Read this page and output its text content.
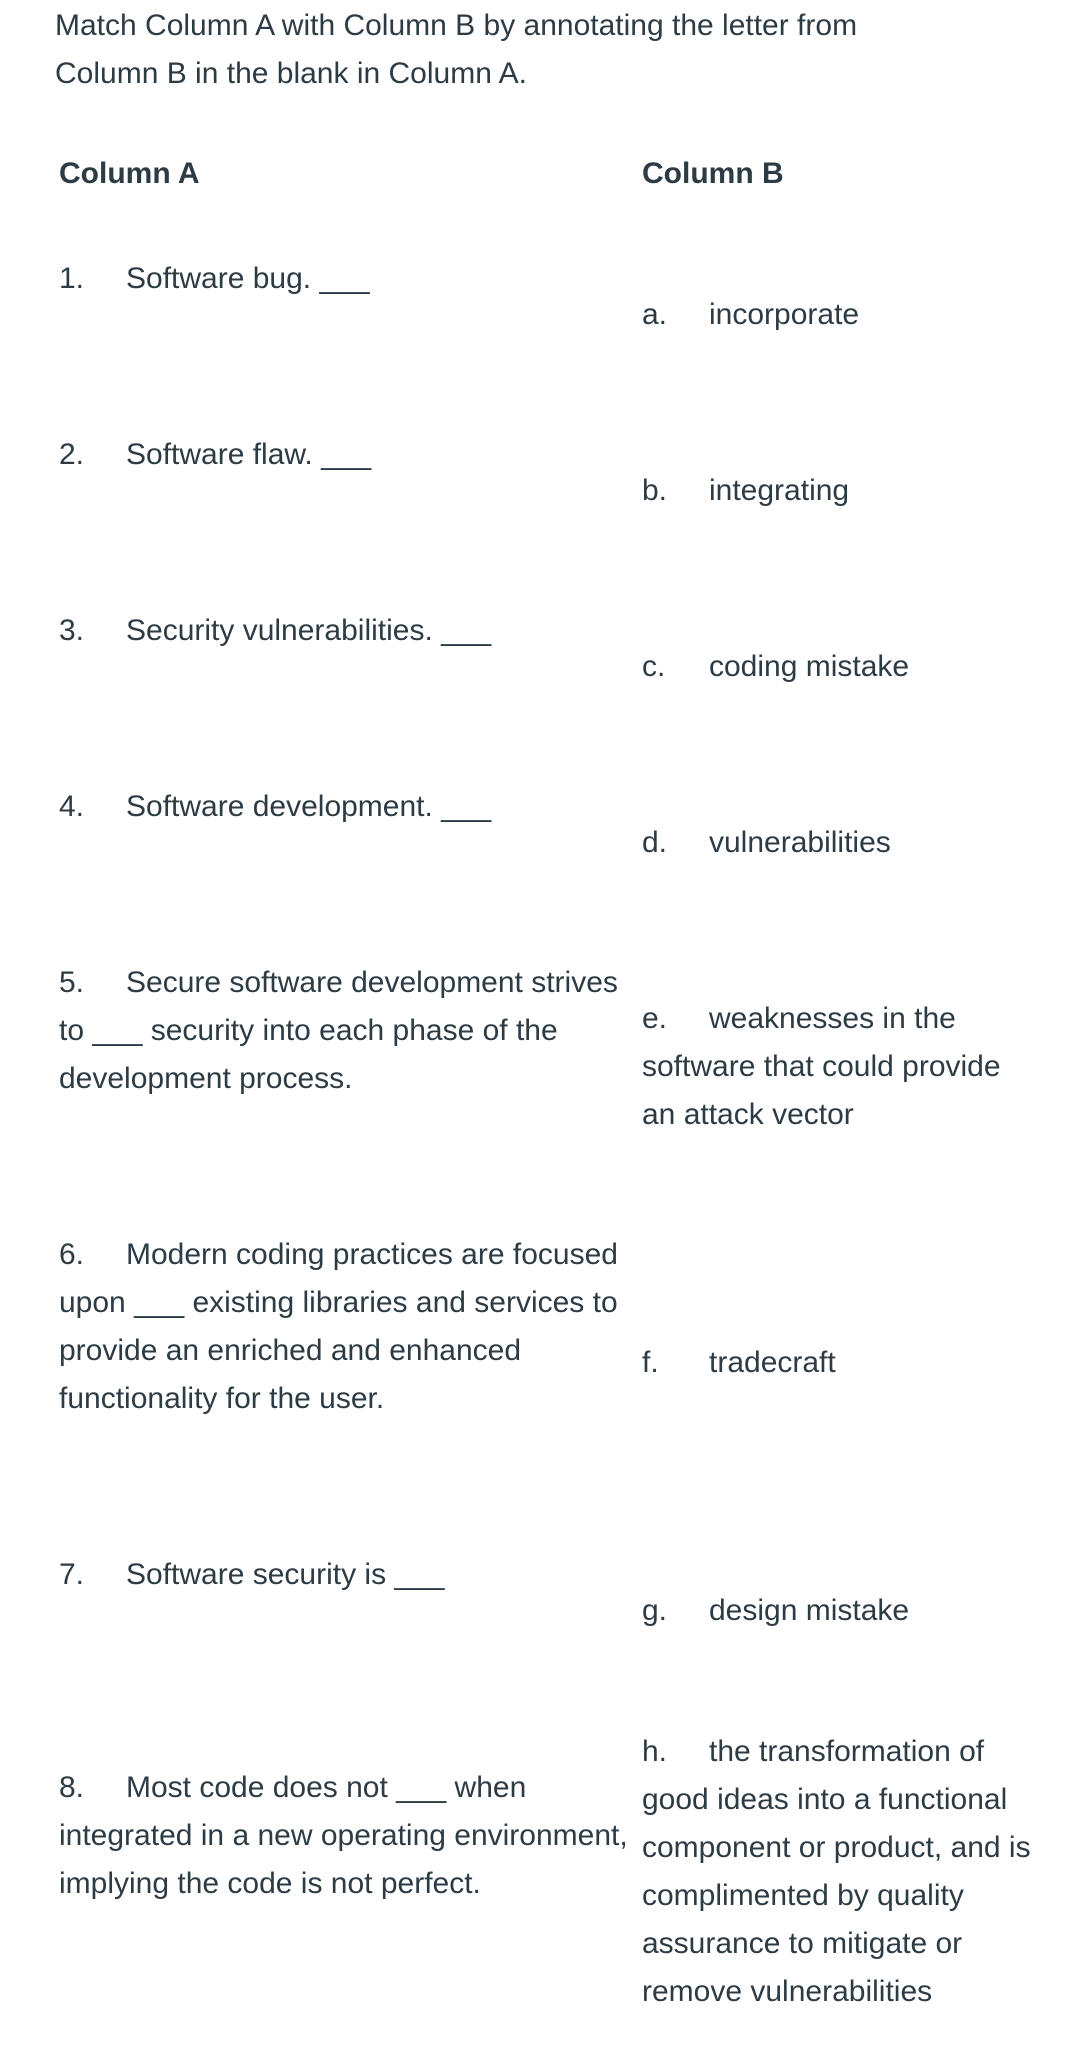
Match Column A with Column B by annotating the letter from Column B in the blank in Column A.

Column A	Column B

1. Software bug. ___
2. Software flaw. ___
3. Security vulnerabilities. ___
4. Software development. ___
5. Secure software development strives to ___ security into each phase of the development process.
6. Modern coding practices are focused upon ___ existing libraries and services to provide an enriched and enhanced functionality for the user.
7. Software security is ___
8. Most code does not ___ when integrated in a new operating environment, implying the code is not perfect.
a. incorporate
b. integrating
c. coding mistake
d. vulnerabilities
e. weaknesses in the software that could provide an attack vector
f. tradecraft
g. design mistake
h. the transformation of good ideas into a functional component or product, and is complimented by quality assurance to mitigate or remove vulnerabilities
